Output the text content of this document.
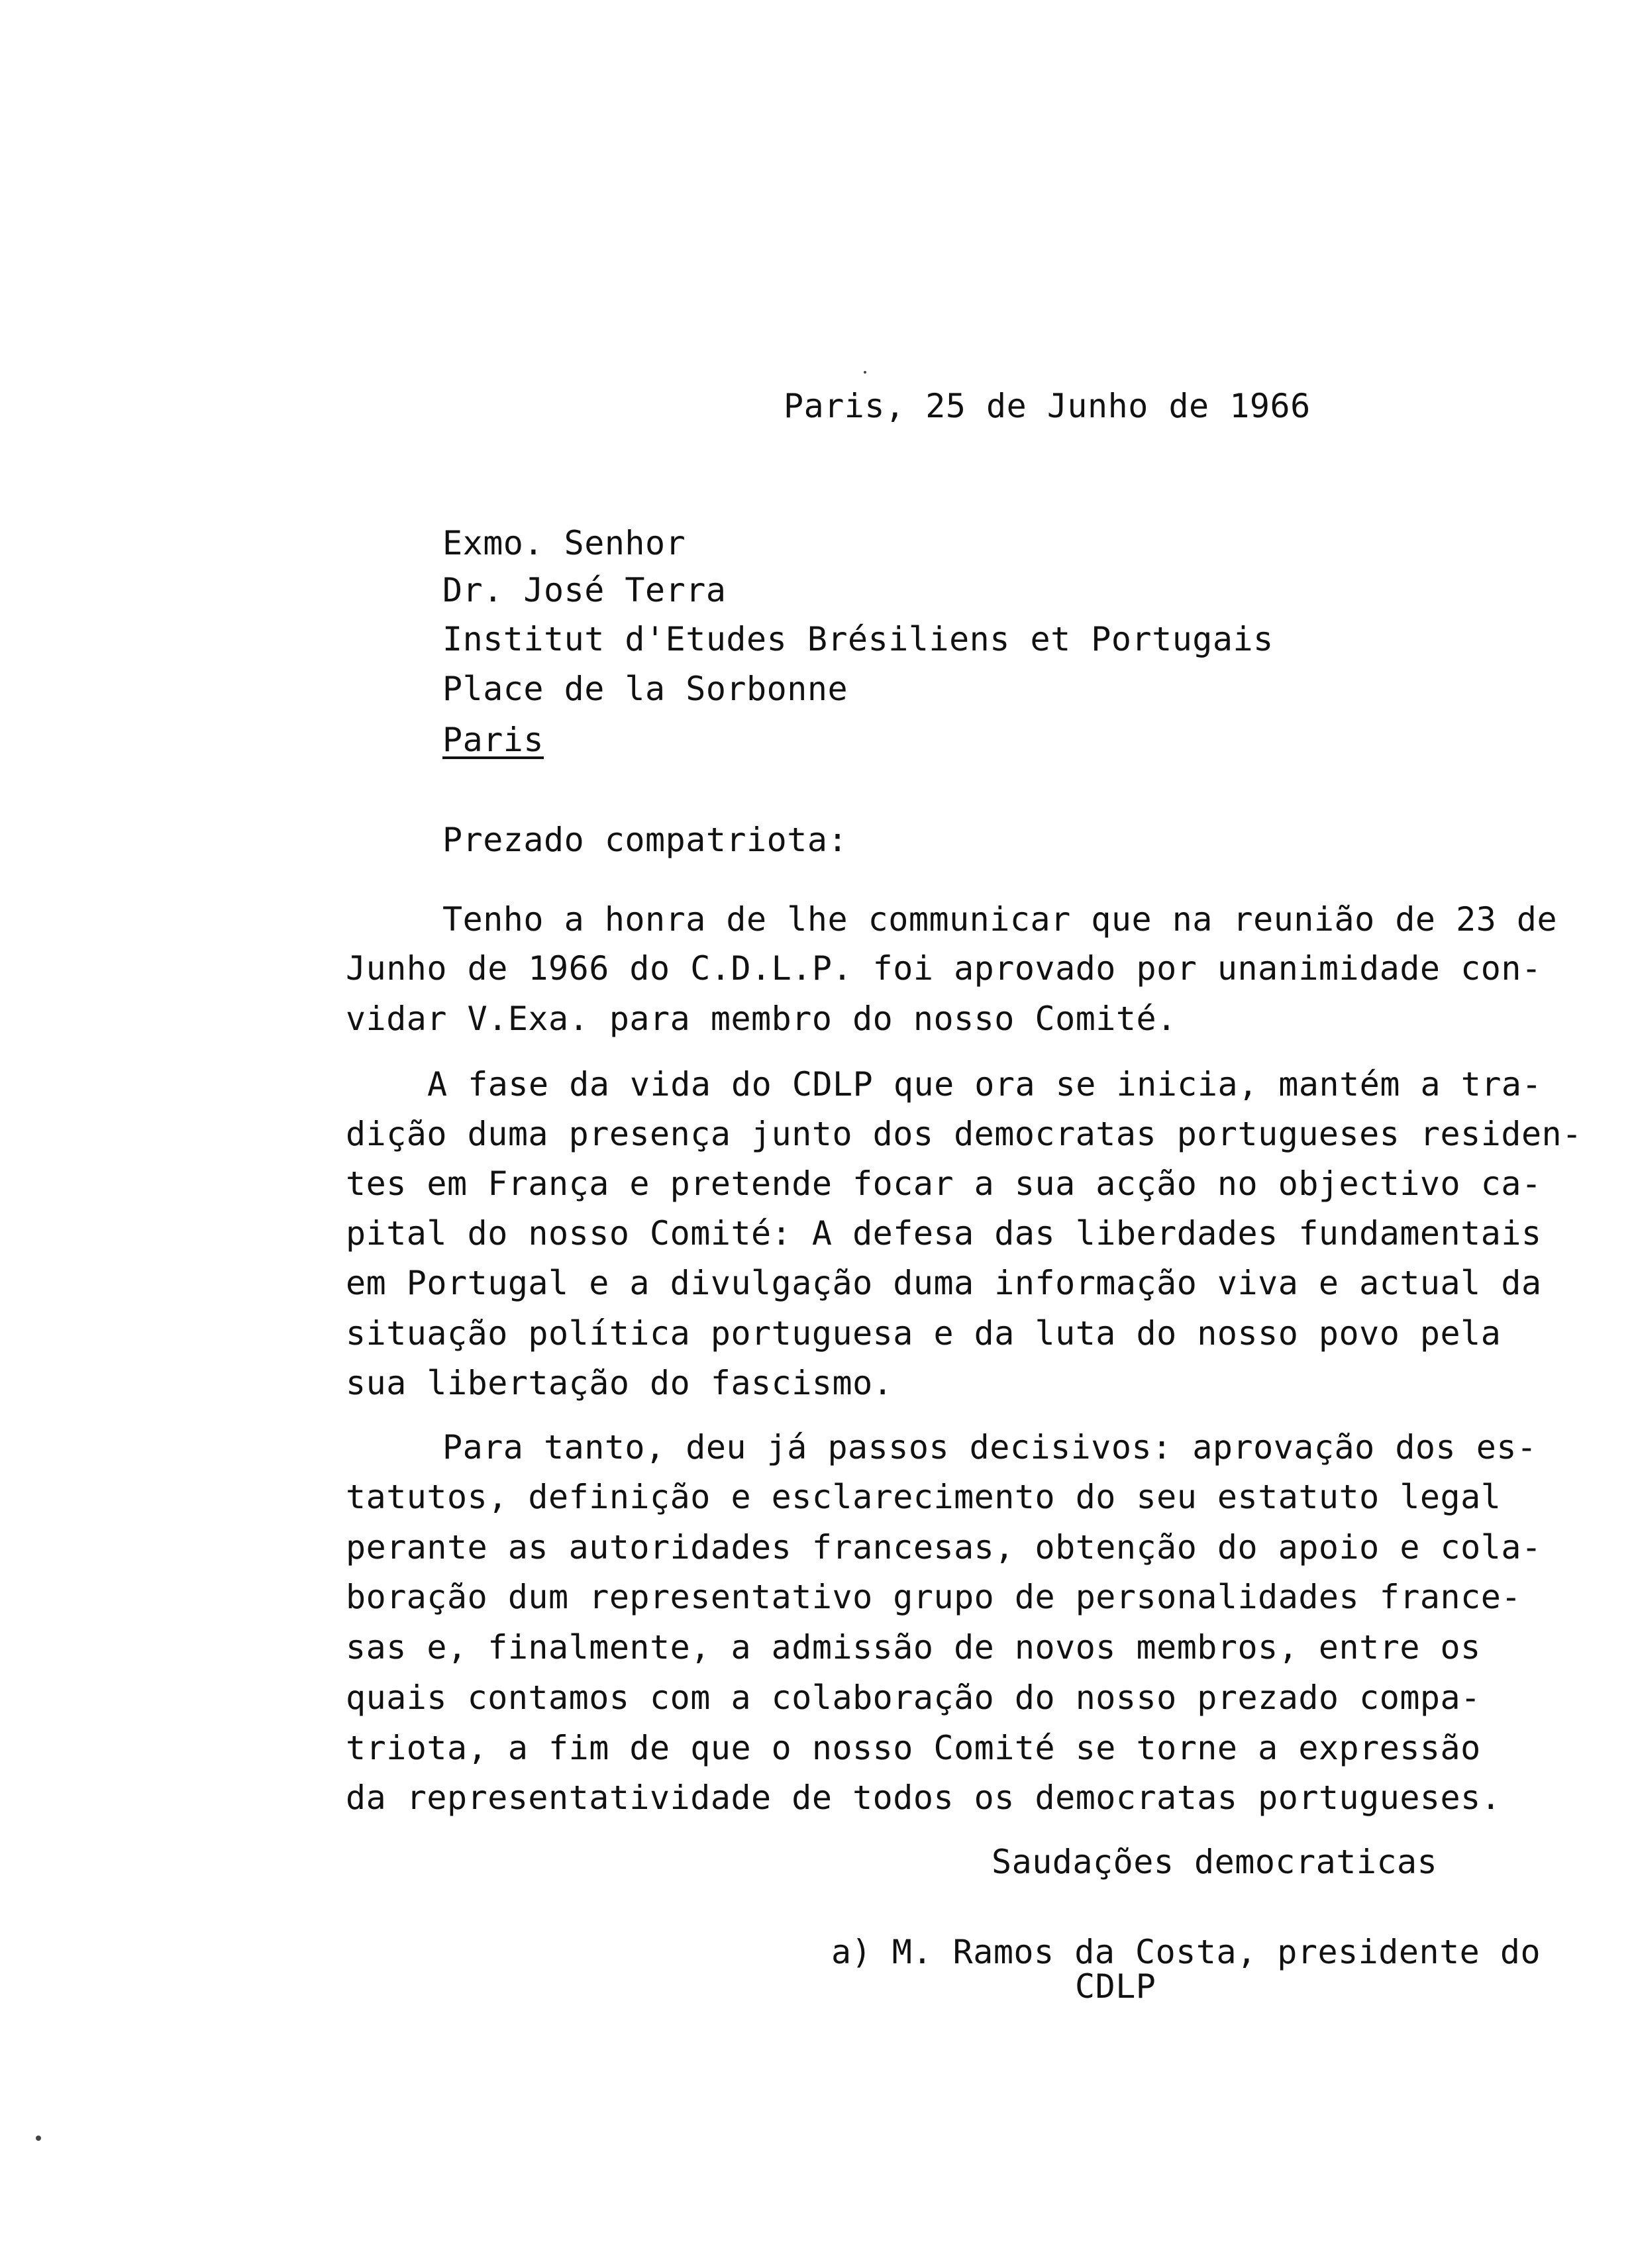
Paris, 25 de Junho de 1966
Exmo. Senhor
Dr. José Terra
Institut d'Etudes Brésiliens et Portugais
Place de la Sorbonne
Paris
Prezado compatriota:
Tenho a honra de lhe communicar que na reunião de 23 de
Junho de 1966 do C.D.L.P. foi aprovado por unanimidade con-
vidar V.Exa. para membro do nosso Comité.
A fase da vida do CDLP que ora se inicia, mantém a tra-
dição duma presença junto dos democratas portugueses residen-
tes em França e pretende focar a sua acção no objectivo ca-
pital do nosso Comité: A defesa das liberdades fundamentais
em Portugal e a divulgação duma informação viva e actual da
situação política portuguesa e da luta do nosso povo pela
sua libertação do fascismo.
Para tanto, deu já passos decisivos: aprovação dos es-
tatutos, definição e esclarecimento do seu estatuto legal
perante as autoridades francesas, obtenção do apoio e cola-
boração dum representativo grupo de personalidades france-
sas e, finalmente, a admissão de novos membros, entre os
quais contamos com a colaboração do nosso prezado compa-
triota, a fim de que o nosso Comité se torne a expressão
da representatividade de todos os democratas portugueses.
Saudações democraticas
a) M. Ramos da Costa, presidente do
CDLP
